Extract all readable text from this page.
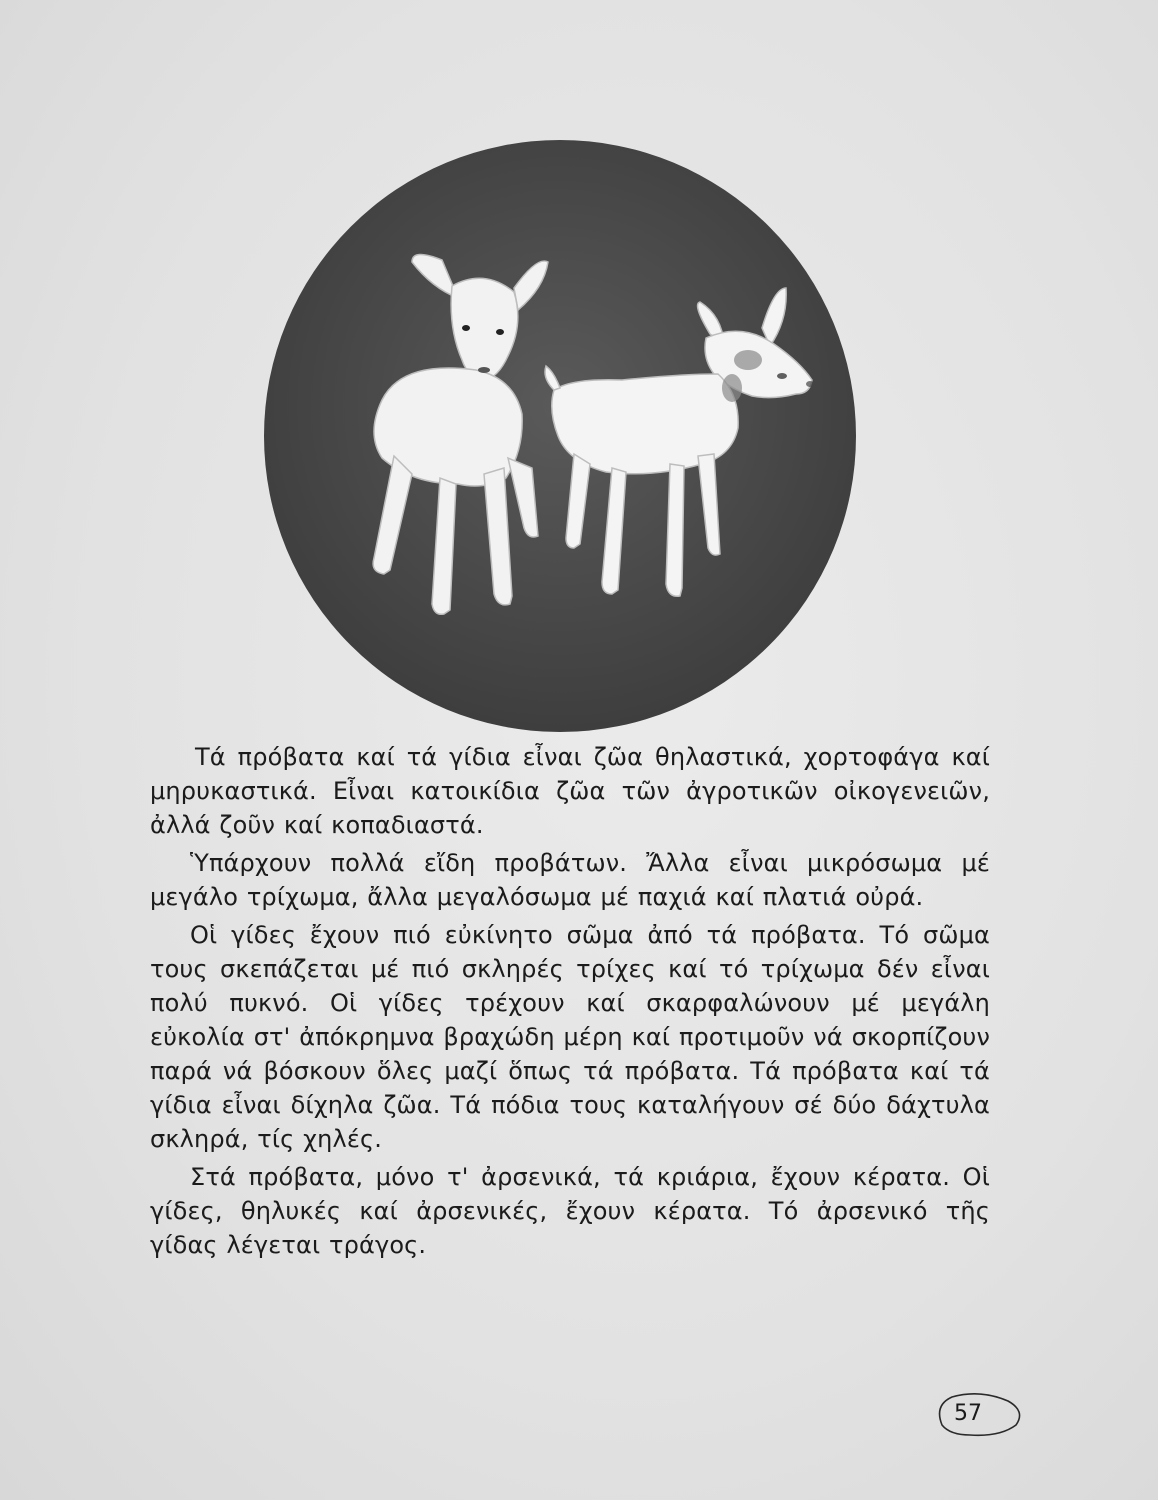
Τά πρόβατα καί τά γίδια εἶναι ζῶα θηλαστικά, χορτοφάγα καί μηρυκαστικά. Εἶναι κατοικίδια ζῶα τῶν ἀγροτικῶν οἰκογενειῶν, ἀλλά ζοῦν καί κοπαδιαστά.

Ὑπάρχουν πολλά εἴδη προβάτων. Ἄλλα εἶναι μικρόσωμα μέ μεγάλο τρίχωμα, ἄλλα μεγαλόσωμα μέ παχιά καί πλατιά οὐρά.

Οἱ γίδες ἔχουν πιό εὐκίνητο σῶμα ἀπό τά πρόβατα. Τό σῶμα τους σκεπάζεται μέ πιό σκληρές τρίχες καί τό τρίχωμα δέν εἶναι πολύ πυκνό. Οἱ γίδες τρέχουν καί σκαρφαλώνουν μέ μεγάλη εὐκολία στ' ἀπόκρημνα βραχώδη μέρη καί προτιμοῦν νά σκορπίζουν παρά νά βόσκουν ὅλες μαζί ὅπως τά πρόβατα. Τά πρόβατα καί τά γίδια εἶναι δίχηλα ζῶα. Τά πόδια τους καταλήγουν σέ δύο δάχτυλα σκληρά, τίς χηλές.

Στά πρόβατα, μόνο τ' ἀρσενικά, τά κριάρια, ἔχουν κέρατα. Οἱ γίδες, θηλυκές καί ἀρσενικές, ἔχουν κέρατα. Τό ἀρσενικό τῆς γίδας λέγεται τράγος.

57
